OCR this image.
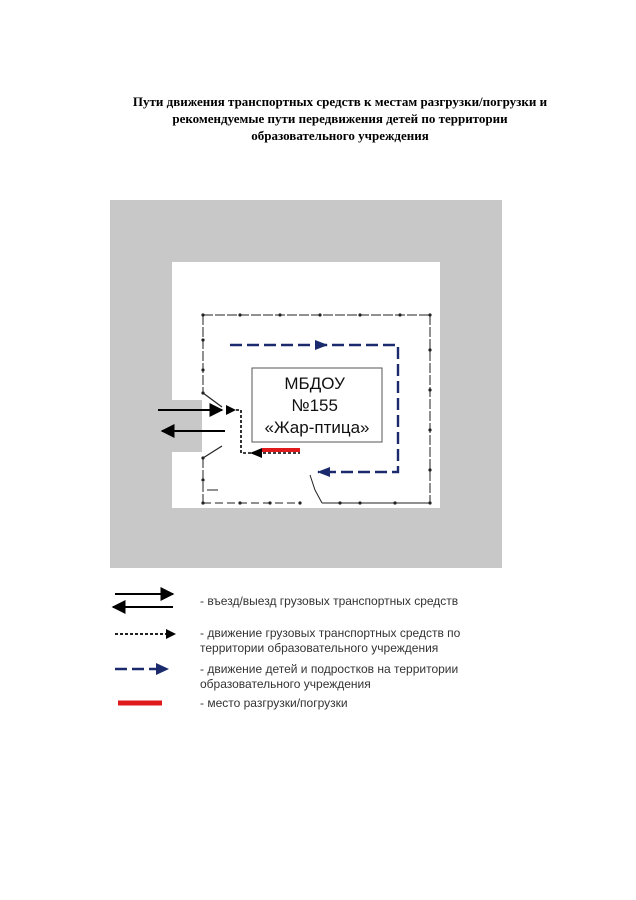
Пути движения транспортных средств к местам разгрузки/погрузки и
рекомендуемые пути передвижения детей по территории
образовательного учреждения
МБДОУ №155 «Жар-птица»
- въезд/выезд грузовых транспортных средств
- движение грузовых транспортных средств по
территории образовательного учреждения
- движение детей и подростков на территории
образовательного учреждения
- место разгрузки/погрузки
